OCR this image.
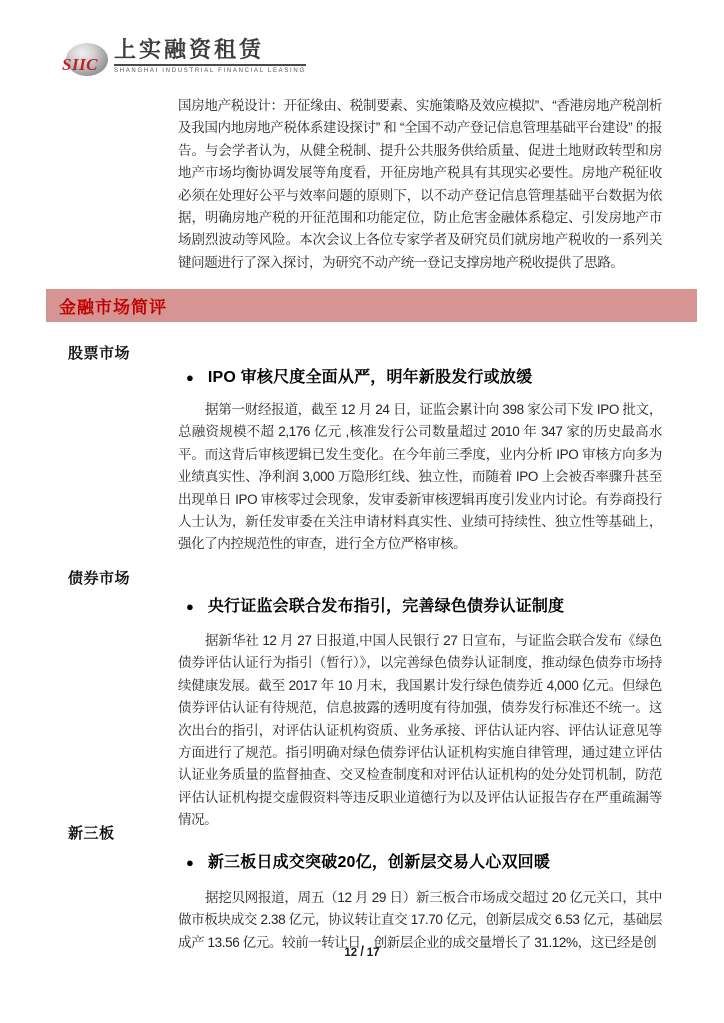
SIIC
上实融资租赁
SHANGHAI INDUSTRIAL FINANCIAL LEASING

国房地产税设计：开征缘由、税制要素、实施策略及效应模拟”、“香港房地产税剖析及我国内地房地产税体系建设探讨” 和 “全国不动产登记信息管理基础平台建设” 的报告。与会学者认为，从健全税制、提升公共服务供给质量、促进土地财政转型和房地产市场均衡协调发展等角度看，开征房地产税具有其现实必要性。房地产税征收必须在处理好公平与效率问题的原则下，以不动产登记信息管理基础平台数据为依据，明确房地产税的开征范围和功能定位，防止危害金融体系稳定、引发房地产市场剧烈波动等风险。本次会议上各位专家学者及研究员们就房地产税收的一系列关键问题进行了深入探讨，为研究不动产统一登记支撑房地产税收提供了思路。

金融市场简评
股票市场
● IPO 审核尺度全面从严，明年新股发行或放缓

据第一财经报道，截至 12 月 24 日，证监会累计向 398 家公司下发 IPO 批文，总融资规模不超 2,176 亿元 ,核准发行公司数量超过 2010 年 347 家的历史最高水平。而这背后审核逻辑已发生变化。在今年前三季度，业内分析 IPO 审核方向多为业绩真实性、净利润 3,000 万隐形红线、独立性，而随着 IPO 上会被否率骤升甚至出现单日 IPO 审核零过会现象，发审委新审核逻辑再度引发业内讨论。有券商投行人士认为，新任发审委在关注申请材料真实性、业绩可持续性、独立性等基础上，强化了内控规范性的审查，进行全方位严格审核。

债券市场
● 央行证监会联合发布指引，完善绿色债券认证制度

据新华社 12 月 27 日报道,中国人民银行 27 日宣布，与证监会联合发布《绿色债券评估认证行为指引（暂行）》，以完善绿色债券认证制度，推动绿色债券市场持续健康发展。截至 2017 年 10 月末，我国累计发行绿色债券近 4,000 亿元。但绿色债券评估认证有待规范，信息披露的透明度有待加强，债券发行标准还不统一。这次出台的指引，对评估认证机构资质、业务承接、评估认证内容、评估认证意见等方面进行了规范。指引明确对绿色债券评估认证机构实施自律管理，通过建立评估认证业务质量的监督抽查、交叉检查制度和对评估认证机构的处分处罚机制，防范评估认证机构提交虚假资料等违反职业道德行为以及评估认证报告存在严重疏漏等情况。

新三板
● 新三板日成交突破20亿，创新层交易人心双回暖

据挖贝网报道，周五（12 月 29 日）新三板合市场成交超过 20 亿元关口，其中做市板块成交 2.38 亿元，协议转让直交 17.70 亿元，创新层成交 6.53 亿元，基础层成产 13.56 亿元。较前一转让日，创新层企业的成交量增长了 31.12%，这已经是创

12 / 17
